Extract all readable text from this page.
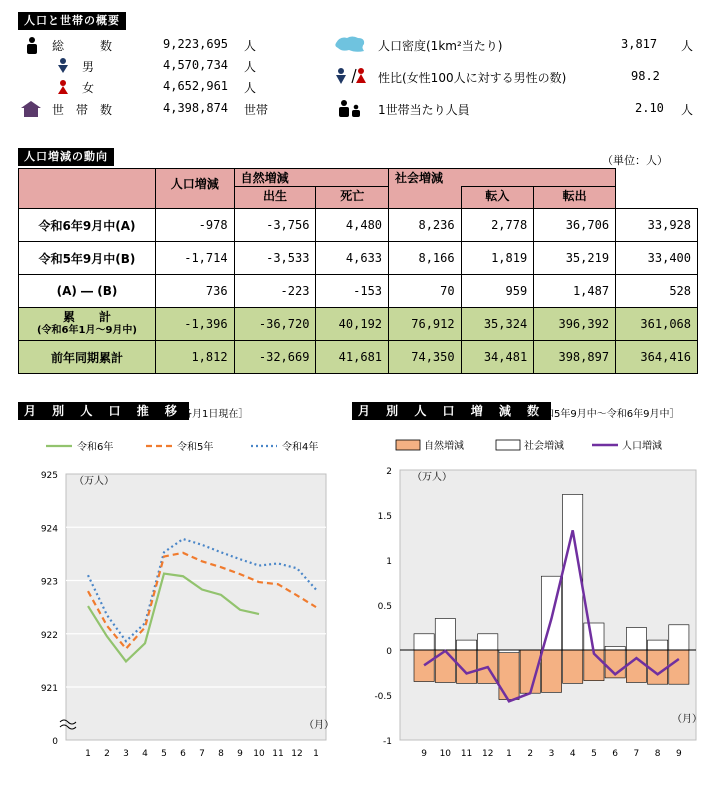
人口と世帯の概要
総　　　数	9,223,695 人
男	4,570,734 人
女	4,652,961 人
世　帯　数	4,398,874 世帯
人口密度(1km²当たり)	3,817 人
性比(女性100人に対する男性の数)	98.2
1世帯当たり人員	2.10 人
人口増減の動向	（単位：人）
	人口増減	自然増減		社会増減			
		出生	死亡		転入	転出	
令和6年9月中(A)	-978	-3,756	4,480	8,236	2,778	36,706	33,928
令和5年9月中(B)	-1,714	-3,533	4,633	8,166	1,819	35,219	33,400
(A) ― (B)	736	-223	-153	70	959	1,487	528

累　　計
(令和6年1月～9月中)	-1,396	-36,720	40,192	76,912	35,324	396,392	361,068
前年同期累計	1,812	-32,669	41,681	74,350	34,481	398,897	364,416
月 別 人 口 推 移
［各月1日現在］
令和6年	令和5年	令和4年
925
924
923
922
921
0
（万人）
（月）
1 2 3 4 5 6 7 8 9 10 11 12 1
月 別 人 口 増 減 数
［令和5年9月中～令和6年9月中］
自然増減	社会増減	人口増減
2
1.5
1
0.5
0
-0.5
-1
（万人）
（月）
9 10 11 12 1 2 3 4 5 6 7 8 9
